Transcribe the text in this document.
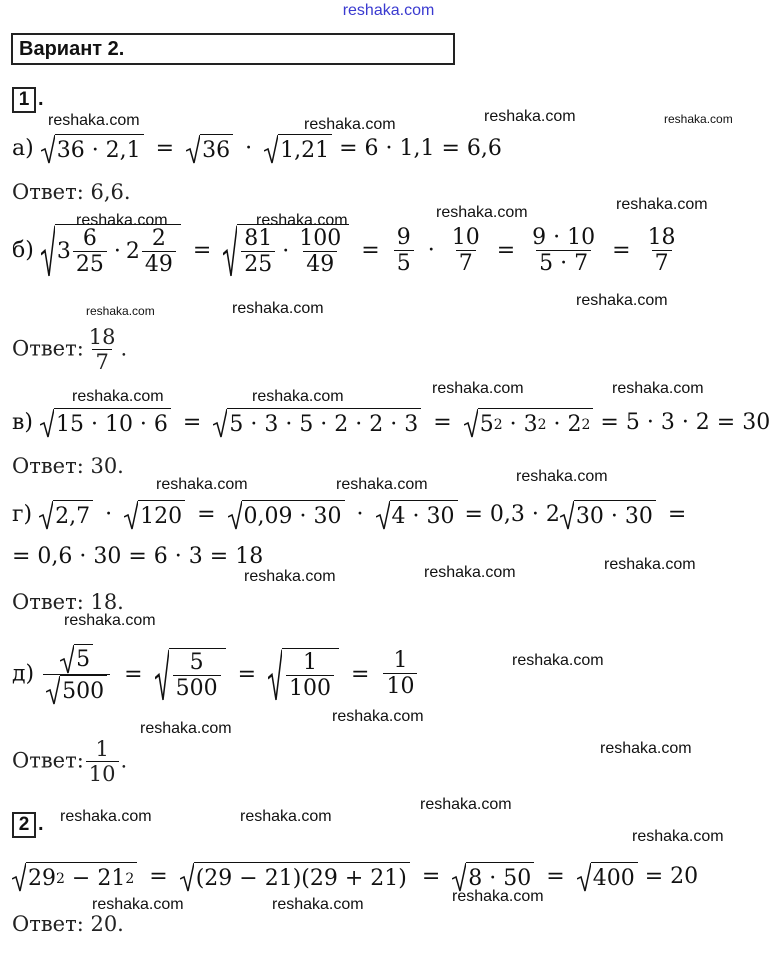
reshaka.com
Вариант 2.
1 .
reshaka.com	reshaka.com	reshaka.com	reshaka.com
а) 36 · 2,1 = 36 · 1,21 = 6 · 1,1 = 6,6
Ответ: 6,6.
reshaka.com	reshaka.com	reshaka.com	reshaka.com
б) $3 \frac{6}{25} \cdot 2 \frac{2}{49} = \frac{81}{25} \cdot \frac{100}{49} = \frac{9}{5} \cdot \frac{10}{7} = \frac{9 \cdot 10}{5 \cdot 7} = \frac{18}{7}$
reshaka.com	reshaka.com	reshaka.com
Ответ: $\frac{18}{7}$ .
reshaka.com	reshaka.com	reshaka.com	reshaka.com
в) 15 · 10 · 6 = 5 · 3 · 5 · 2 · 2 · 3 = 5 2 · 3 2 · 2 2 = 5 · 3 · 2 = 30
Ответ: 30.	reshaka.com
reshaka.com	reshaka.com
г) 2,7 · 120 = 0,09 · 30 · 4 · 30 = 0,3 · 2 30 · 30 =
= 0,6 · 30 = 6 · 3 = 18
reshaka.com	reshaka.com	reshaka.com
Ответ: 18.
reshaka.com
$д) \frac{5}{500} = \frac{5}{500} = \frac{1}{100} = \frac{1}{10}$	reshaka.com
reshaka.com
reshaka.com
reshaka.com
Ответ: $\frac{1}{10}$ .
2 . reshaka.com	reshaka.com
reshaka.com
reshaka.com
29 2 − 21 2 = (29 − 21)(29 + 21) = 8 · 50 = 400 = 20
reshaka.com
reshaka.com	reshaka.com
Ответ: 20.
